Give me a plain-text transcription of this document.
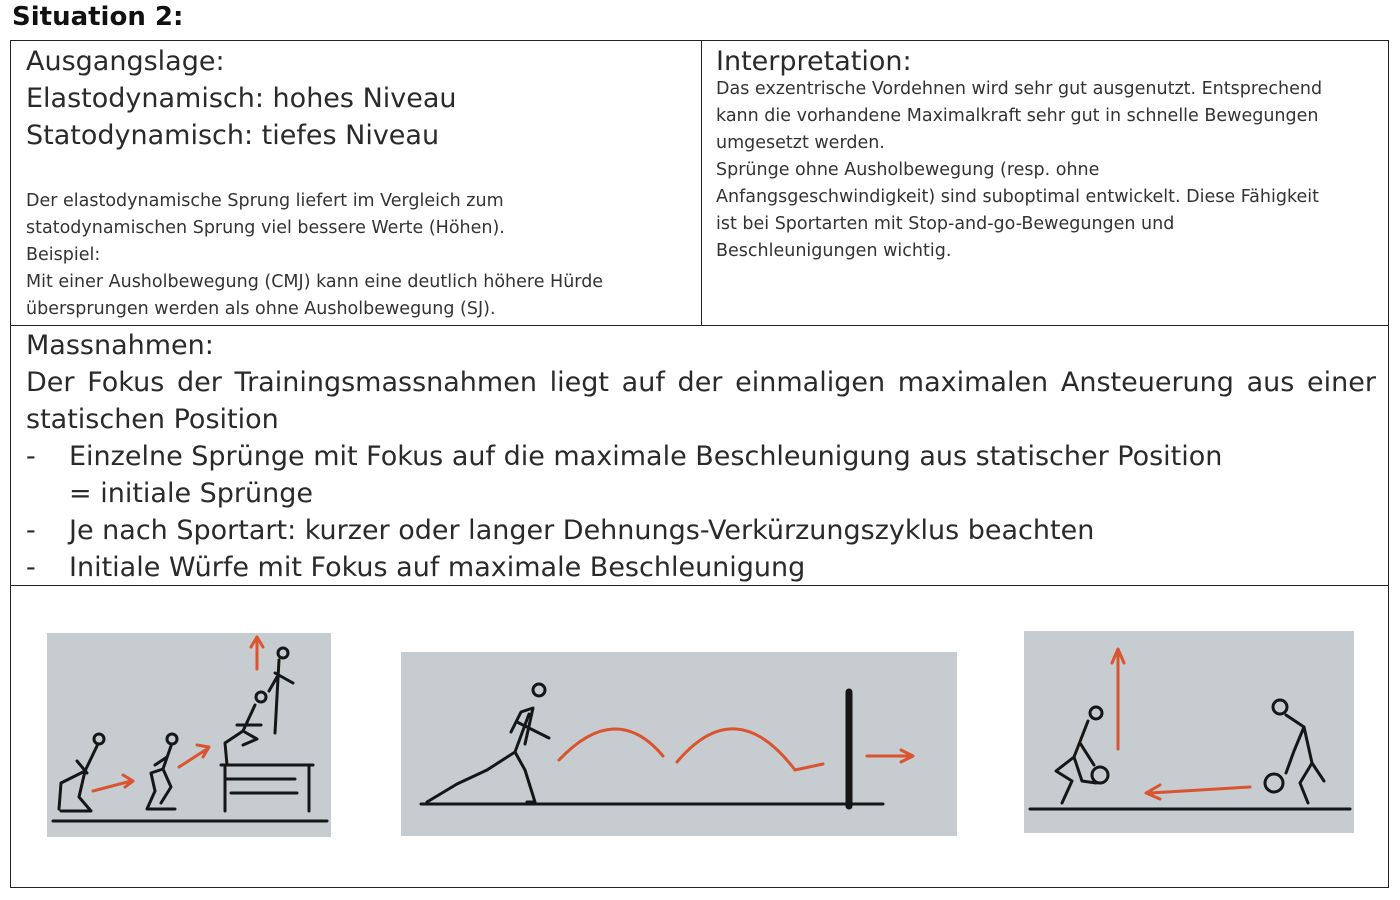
Situation 2:

Ausgangslage:

Elastodynamisch: hohes Niveau

Statodynamisch: tiefes Niveau

Der elastodynamische Sprung liefert im Vergleich zum

statodynamischen Sprung viel bessere Werte (Höhen).

Beispiel:

Mit einer Ausholbewegung (CMJ) kann eine deutlich höhere Hürde

übersprungen werden als ohne Ausholbewegung (SJ).

Interpretation:

Das exzentrische Vordehnen wird sehr gut ausgenutzt. Entsprechend

kann die vorhandene Maximalkraft sehr gut in schnelle Bewegungen

umgesetzt werden.

Sprünge ohne Ausholbewegung (resp. ohne

Anfangsgeschwindigkeit) sind suboptimal entwickelt. Diese Fähigkeit

ist bei Sportarten mit Stop-and-go-Bewegungen und

Beschleunigungen wichtig.

Massnahmen:

Der Fokus der Trainingsmassnahmen liegt auf der einmaligen maximalen Ansteuerung aus einer statischen Position

- Einzelne Sprünge mit Fokus auf die maximale Beschleunigung aus statischer Position
= initiale Sprünge
- Je nach Sportart: kurzer oder langer Dehnungs-Verkürzungszyklus beachten
- Initiale Würfe mit Fokus auf maximale Beschleunigung
